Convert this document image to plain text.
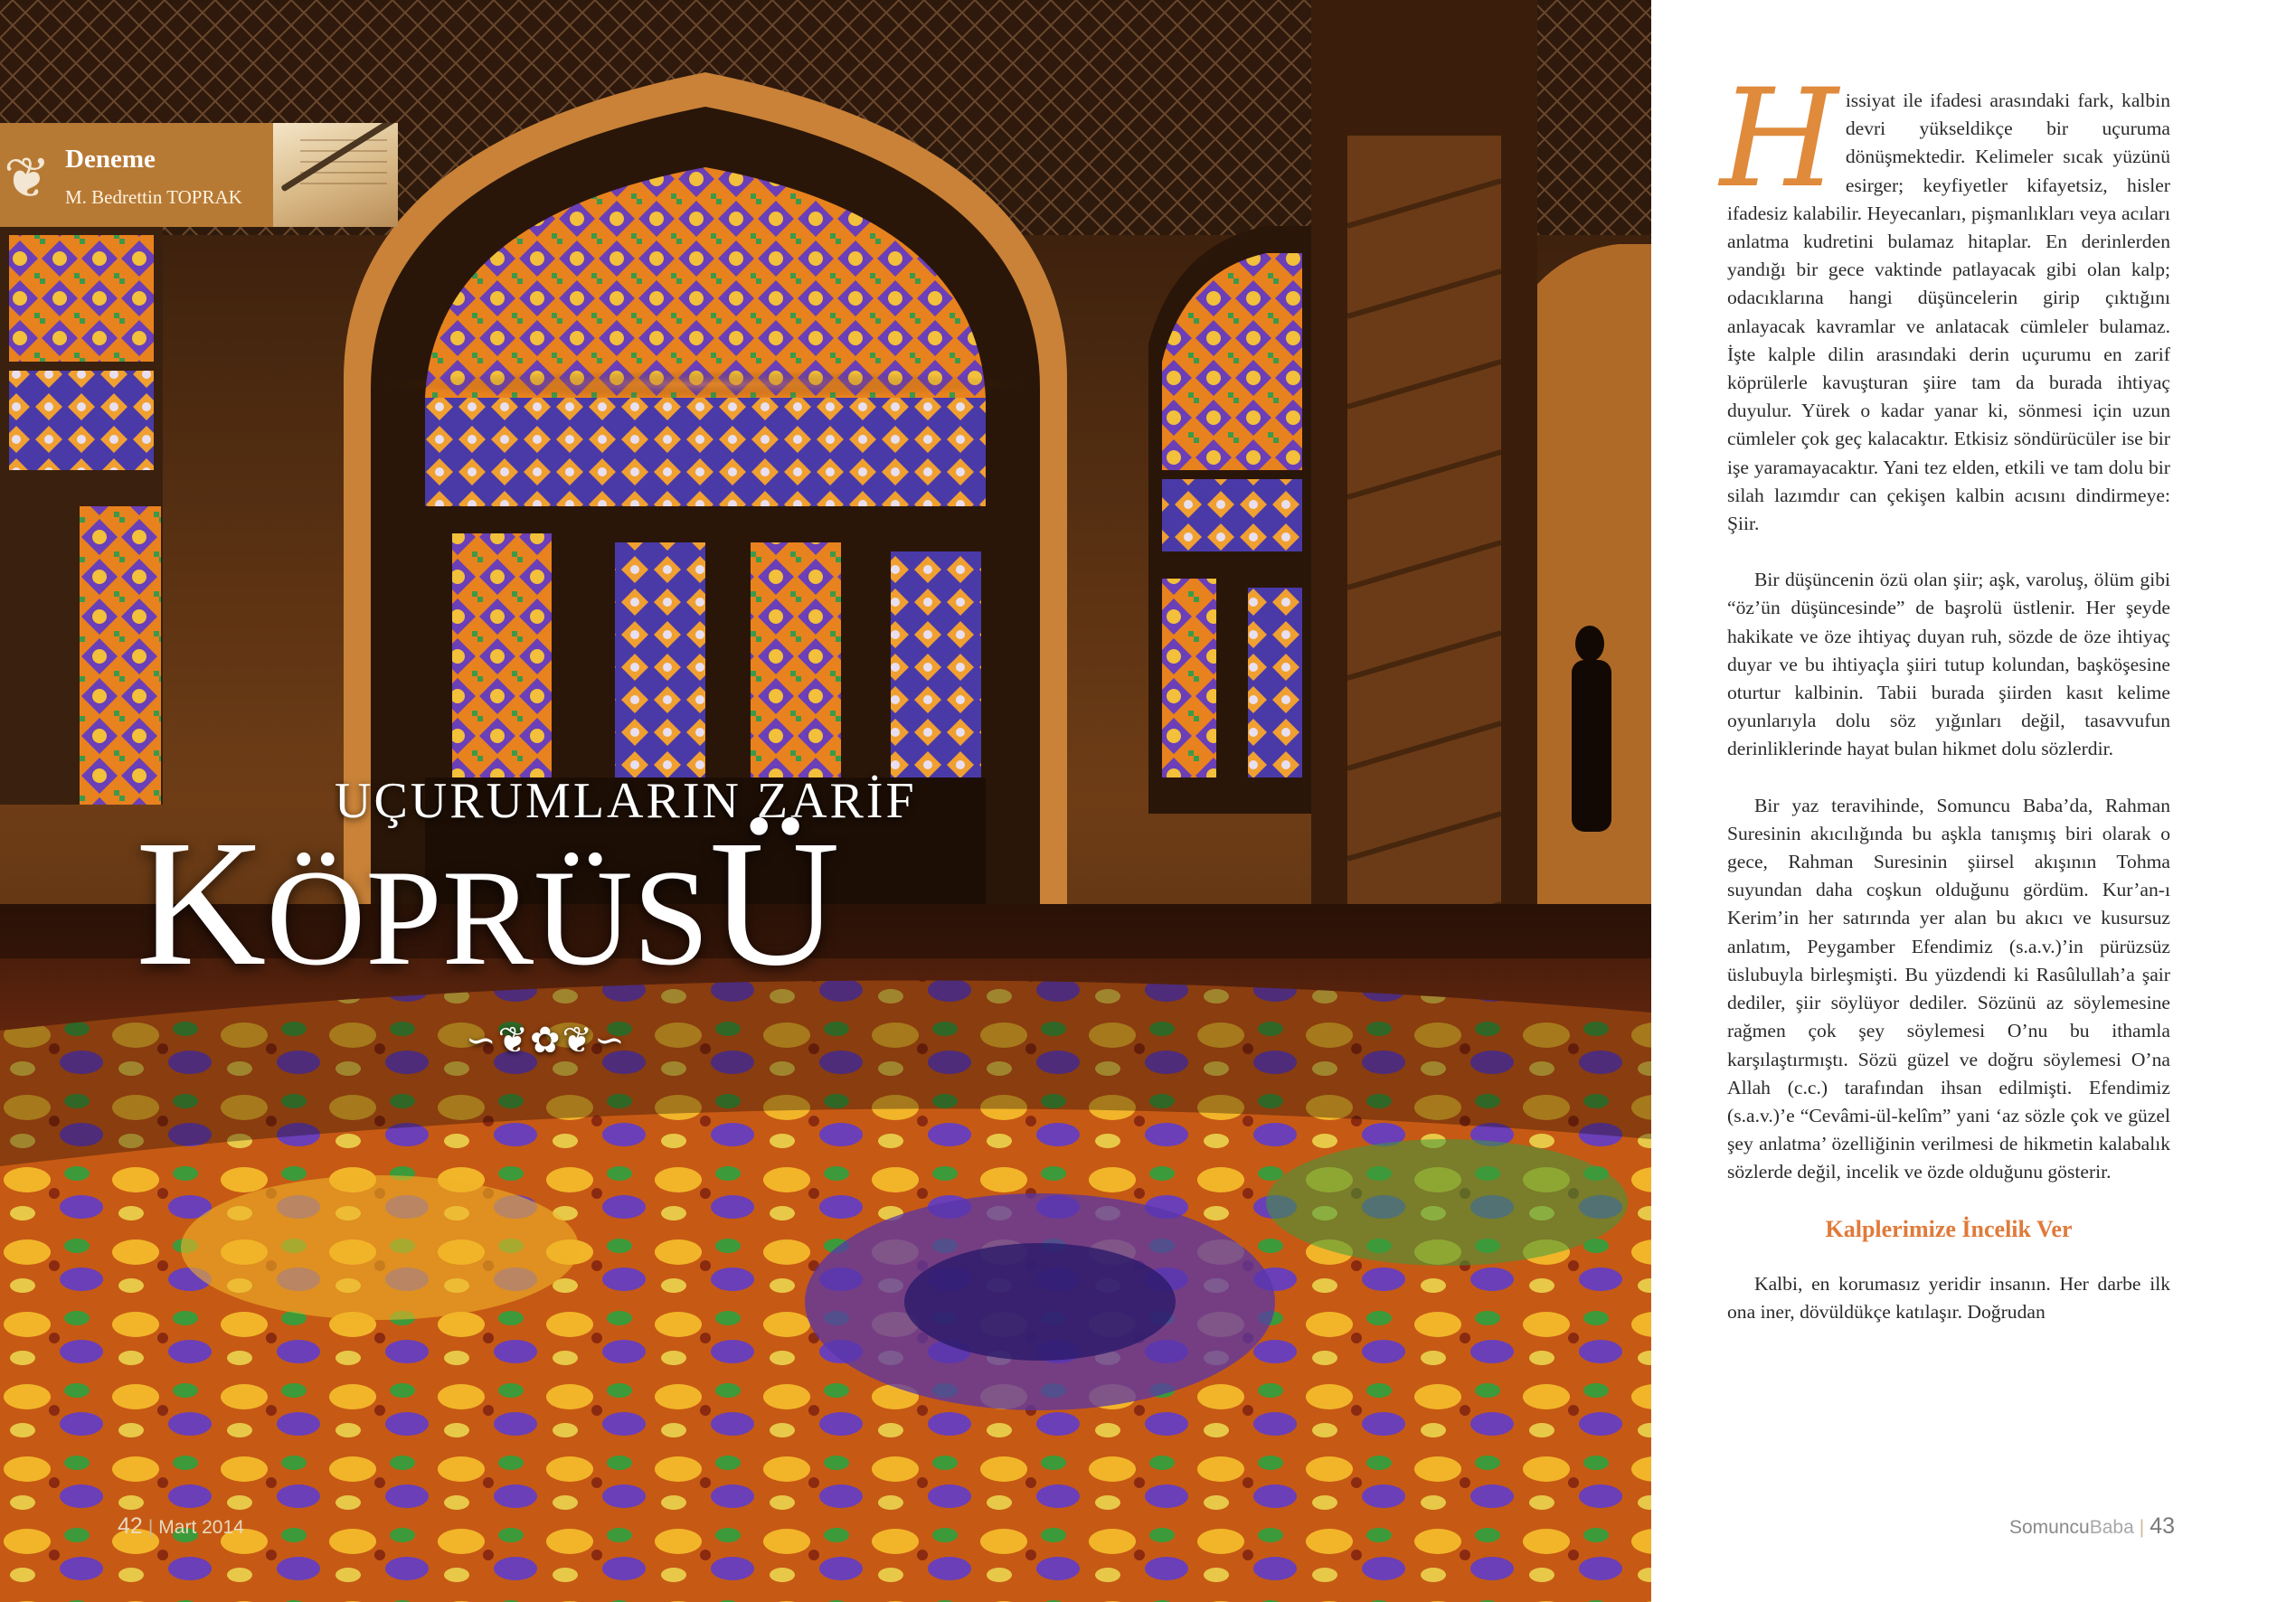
❦ Deneme
M. Bedrettin TOPRAK
UÇURUMLARIN ZARİF
KÖPRÜSÜ
∽❦✿❦∽
42 | Mart 2014

Hissiyat ile ifadesi arasındaki fark, kalbin devri yükseldikçe bir uçuruma dönüşmektedir. Kelimeler sıcak yüzünü esirger; keyfiyetler kifayetsiz, hisler ifadesiz kalabilir. Heyecanları, pişmanlıkları veya acıları anlatma kudretini bulamaz hitaplar. En derinlerden yandığı bir gece vaktinde patlayacak gibi olan kalp; odacıklarına hangi düşüncelerin girip çıktığını anlayacak kavramlar ve anlatacak cümleler bulamaz. İşte kalple dilin arasındaki derin uçurumu en zarif köprülerle kavuşturan şiire tam da burada ihtiyaç duyulur. Yürek o kadar yanar ki, sönmesi için uzun cümleler çok geç kalacaktır. Etkisiz söndürücüler ise bir işe yaramayacaktır. Yani tez elden, etkili ve tam dolu bir silah lazımdır can çekişen kalbin acısını dindirmeye: Şiir.

Bir düşüncenin özü olan şiir; aşk, varoluş, ölüm gibi “öz’ün düşüncesinde” de başrolü üstlenir. Her şeyde hakikate ve öze ihtiyaç duyan ruh, sözde de öze ihtiyaç duyar ve bu ihtiyaçla şiiri tutup kolundan, başköşesine oturtur kalbinin. Tabii burada şiirden kasıt kelime oyunlarıyla dolu söz yığınları değil, tasavvufun derinliklerinde hayat bulan hikmet dolu sözlerdir.

Bir yaz teravihinde, Somuncu Baba’da, Rahman Suresinin akıcılığında bu aşkla tanışmış biri olarak o gece, Rahman Suresinin şiirsel akışının Tohma suyundan daha coşkun olduğunu gördüm. Kur’an-ı Kerim’in her satırında yer alan bu akıcı ve kusursuz anlatım, Peygamber Efendimiz (s.a.v.)’in pürüzsüz üslubuyla birleşmişti. Bu yüzdendi ki Rasûlullah’a şair dediler, şiir söylüyor dediler. Sözünü az söylemesine rağmen çok şey söylemesi O’nu bu ithamla karşılaştırmıştı. Sözü güzel ve doğru söylemesi O’na Allah (c.c.) tarafından ihsan edilmişti. Efendimiz (s.a.v.)’e “Cevâmi-ül-kelîm” yani ‘az sözle çok ve güzel şey anlatma’ özelliğinin verilmesi de hikmetin kalabalık sözlerde değil, incelik ve özde olduğunu gösterir.

Kalplerimize İncelik Ver

Kalbi, en korumasız yeridir insanın. Her darbe ilk ona iner, dövüldükçe katılaşır. Doğrudan

SomuncuBaba | 43
